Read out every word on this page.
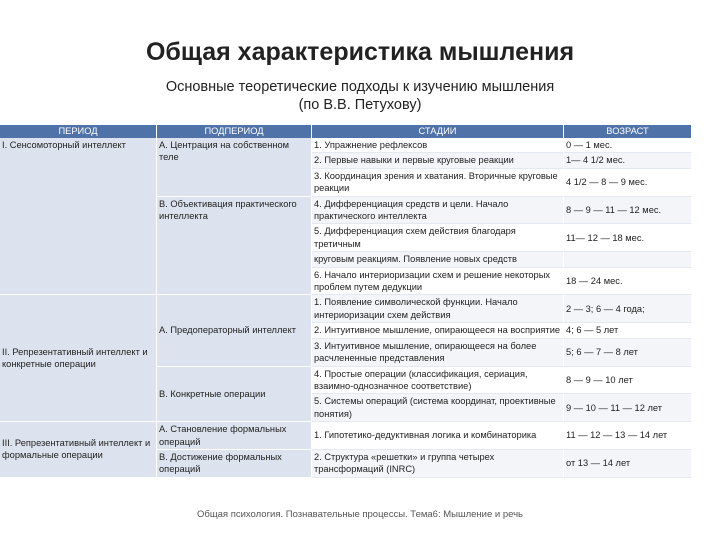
Общая характеристика мышления
Основные теоретические подходы к изучению мышления
(по В.В. Петухову)
ПЕРИОД	ПОДПЕРИОД	СТАДИИ	ВОЗРАСТ
I. Сенсомоторный интеллект	А. Центрация на собственном теле	1. Упражнение рефлексов	0 — 1 мес.
		2. Первые навыки и первые круговые реакции	1— 4 1/2 мес.
		3. Координация зрения и хватания. Вторичные круговые реакции	4 1/2 — 8 — 9 мес.
	В. Объективация практического интеллекта	4. Дифференциация средств и цели. Начало практического интеллекта	8 — 9 — 11 — 12 мес.
		5. Дифференциация схем действия благодаря третичным	11— 12 — 18 мес.
		круговым реакциям. Появление новых средств	
		6. Начало интериоризации схем и решение некоторых проблем путем дедукции	18 — 24 мес.
II. Репрезентативный интеллект и конкретные операции	А. Предоператорный интеллект	1. Появление символической функции. Начало интериоризации схем действия	2 — 3; 6 — 4 года;
		2. Интуитивное мышление, опирающееся на восприятие	4; 6 — 5 лет
		3. Интуитивное мышление, опирающееся на более расчлененные представления	5; 6 — 7 — 8 лет
	В. Конкретные операции	4. Простые операции (классификация, сериация, взаимно-однозначное соответствие)	8 — 9 — 10 лет
		5. Системы операций (система координат, проективные понятия)	9 — 10 — 11 — 12 лет
III. Репрезентативный интеллект и формальные операции	А. Становление формальных операций	1. Гипотетико-дедуктивная логика и комбинаторика	11 — 12 — 13 — 14 лет
	В. Достижение формальных операций	2. Структура «решетки» и группа четырех трансформаций (INRC)	от 13 — 14 лет
Общая психология. Познавательные процессы. Тема6: Мышление и речь
